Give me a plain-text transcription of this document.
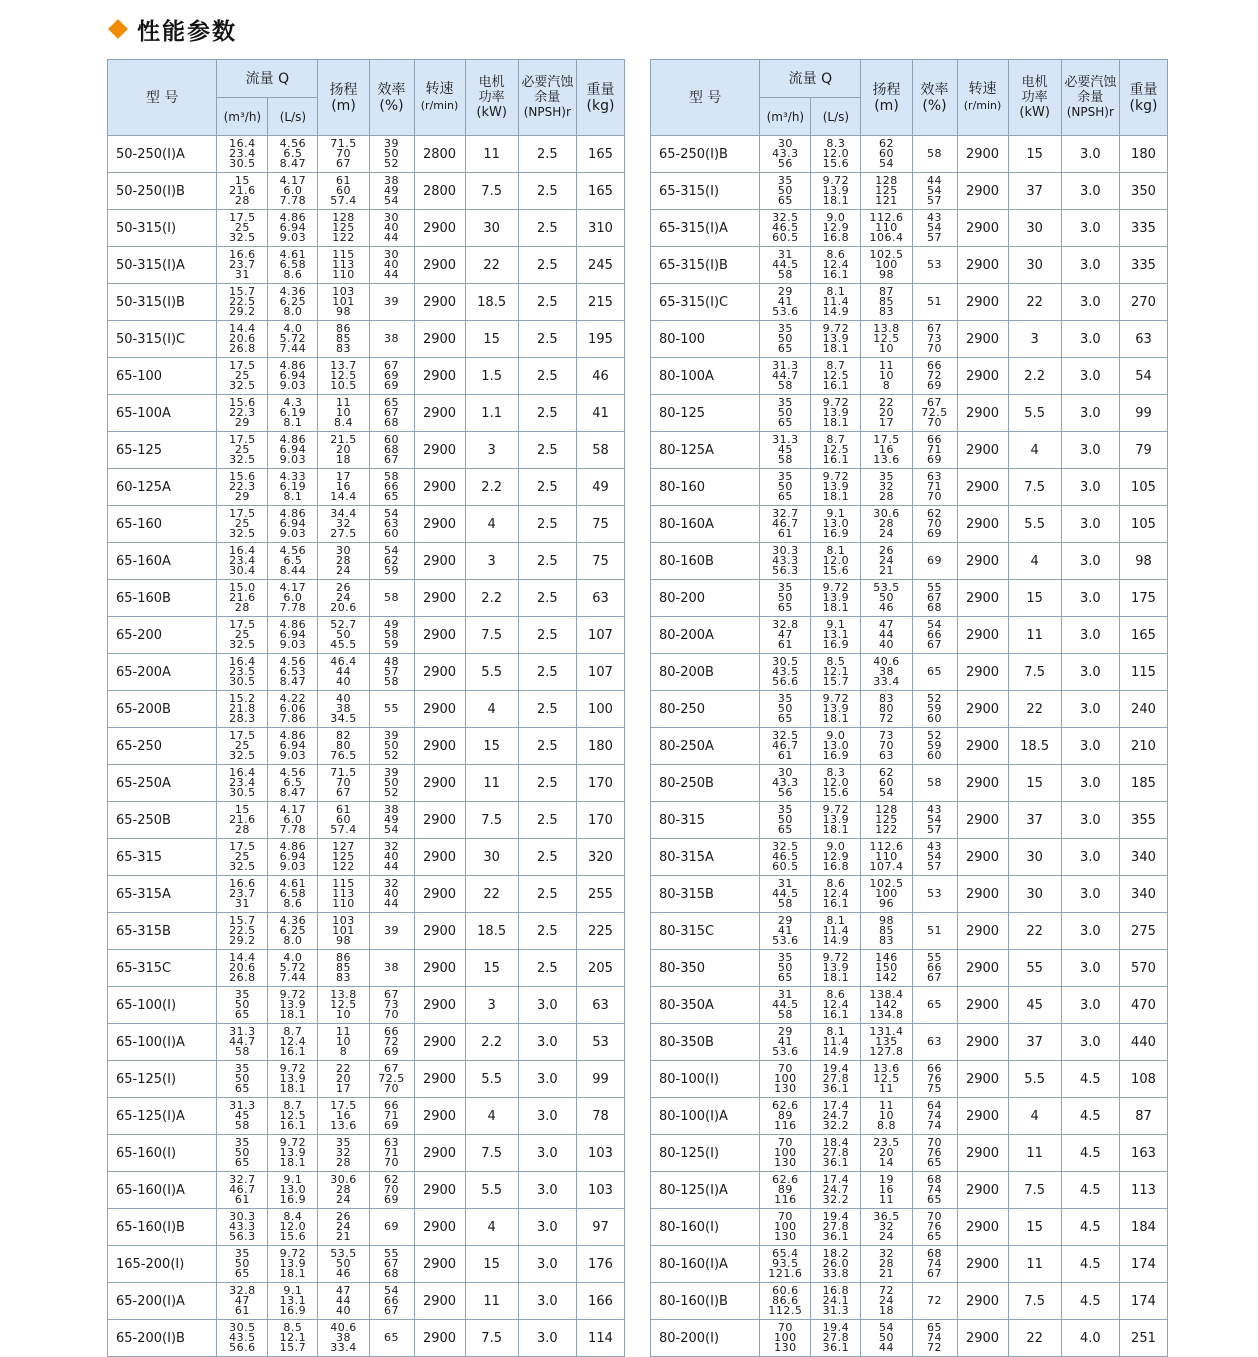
性能参数
型 号	流量 Q		扬程
(m)	效率
(%)	转速
(r/min)	电机功率
(kW)	必要汽蚀余量
(NPSH)r	重量
(kg)
	(m³/h)	(L/s)						
50-250(I)A	16.4
23.4
30.5	4.56
6.5
8.47	71.5
70
67	39
50
52	2800	11	2.5	165
50-250(I)B	15
21.6
28	4.17
6.0
7.78	61
60
57.4	38
49
54	2800	7.5	2.5	165
50-315(I)	17.5
25
32.5	4.86
6.94
9.03	128
125
122	30
40
44	2900	30	2.5	310
50-315(I)A	16.6
23.7
31	4.61
6.58
8.6	115
113
110	30
40
44	2900	22	2.5	245
50-315(I)B	15.7
22.5
29.2	4.36
6.25
8.0	103
101
98	39	2900	18.5	2.5	215
50-315(I)C	14.4
20.6
26.8	4.0
5.72
7.44	86
85
83	38	2900	15	2.5	195
65-100	17.5
25
32.5	4.86
6.94
9.03	13.7
12.5
10.5	67
69
69	2900	1.5	2.5	46
65-100A	15.6
22.3
29	4.3
6.19
8.1	11
10
8.4	65
67
68	2900	1.1	2.5	41
65-125	17.5
25
32.5	4.86
6.94
9.03	21.5
20
18	60
68
67	2900	3	2.5	58
60-125A	15.6
22.3
29	4.33
6.19
8.1	17
16
14.4	58
66
65	2900	2.2	2.5	49
65-160	17.5
25
32.5	4.86
6.94
9.03	34.4
32
27.5	54
63
60	2900	4	2.5	75
65-160A	16.4
23.4
30.4	4.56
6.5
8.44	30
28
24	54
62
59	2900	3	2.5	75
65-160B	15.0
21.6
28	4.17
6.0
7.78	26
24
20.6	58	2900	2.2	2.5	63
65-200	17.5
25
32.5	4.86
6.94
9.03	52.7
50
45.5	49
58
59	2900	7.5	2.5	107
65-200A	16.4
23.5
30.5	4.56
6.53
8.47	46.4
44
40	48
57
58	2900	5.5	2.5	107
65-200B	15.2
21.8
28.3	4.22
6.06
7.86	40
38
34.5	55	2900	4	2.5	100
65-250	17.5
25
32.5	4.86
6.94
9.03	82
80
76.5	39
50
52	2900	15	2.5	180
65-250A	16.4
23.4
30.5	4.56
6.5
8.47	71.5
70
67	39
50
52	2900	11	2.5	170
65-250B	15
21.6
28	4.17
6.0
7.78	61
60
57.4	38
49
54	2900	7.5	2.5	170
65-315	17.5
25
32.5	4.86
6.94
9.03	127
125
122	32
40
44	2900	30	2.5	320
65-315A	16.6
23.7
31	4.61
6.58
8.6	115
113
110	32
40
44	2900	22	2.5	255
65-315B	15.7
22.5
29.2	4.36
6.25
8.0	103
101
98	39	2900	18.5	2.5	225
65-315C	14.4
20.6
26.8	4.0
5.72
7.44	86
85
83	38	2900	15	2.5	205
65-100(I)	35
50
65	9.72
13.9
18.1	13.8
12.5
10	67
73
70	2900	3	3.0	63
65-100(I)A	31.3
44.7
58	8.7
12.4
16.1	11
10
8	66
72
69	2900	2.2	3.0	53
65-125(I)	35
50
65	9.72
13.9
18.1	22
20
17	67
72.5
70	2900	5.5	3.0	99
65-125(I)A	31.3
45
58	8.7
12.5
16.1	17.5
16
13.6	66
71
69	2900	4	3.0	78
65-160(I)	35
50
65	9.72
13.9
18.1	35
32
28	63
71
70	2900	7.5	3.0	103
65-160(I)A	32.7
46.7
61	9.1
13.0
16.9	30.6
28
24	62
70
69	2900	5.5	3.0	103
65-160(I)B	30.3
43.3
56.3	8.4
12.0
15.6	26
24
21	69	2900	4	3.0	97
165-200(I)	35
50
65	9.72
13.9
18.1	53.5
50
46	55
67
68	2900	15	3.0	176
65-200(I)A	32.8
47
61	9.1
13.1
16.9	47
44
40	54
66
67	2900	11	3.0	166
65-200(I)B	30.5
43.5
56.6	8.5
12.1
15.7	40.6
38
33.4	65	2900	7.5	3.0	114
型 号	流量 Q		扬程
(m)	效率
(%)	转速
(r/min)	电机功率
(kW)	必要汽蚀余量
(NPSH)r	重量
(kg)
	(m³/h)	(L/s)						
65-250(I)B	30
43.3
56	8.3
12.0
15.6	62
60
54	58	2900	15	3.0	180
65-315(I)	35
50
65	9.72
13.9
18.1	128
125
121	44
54
57	2900	37	3.0	350
65-315(I)A	32.5
46.5
60.5	9.0
12.9
16.8	112.6
110
106.4	43
54
57	2900	30	3.0	335
65-315(I)B	31
44.5
58	8.6
12.4
16.1	102.5
100
98	53	2900	30	3.0	335
65-315(I)C	29
41
53.6	8.1
11.4
14.9	87
85
83	51	2900	22	3.0	270
80-100	35
50
65	9.72
13.9
18.1	13.8
12.5
10	67
73
70	2900	3	3.0	63
80-100A	31.3
44.7
58	8.7
12.5
16.1	11
10
8	66
72
69	2900	2.2	3.0	54
80-125	35
50
65	9.72
13.9
18.1	22
20
17	67
72.5
70	2900	5.5	3.0	99
80-125A	31.3
45
58	8.7
12.5
16.1	17.5
16
13.6	66
71
69	2900	4	3.0	79
80-160	35
50
65	9.72
13.9
18.1	35
32
28	63
71
70	2900	7.5	3.0	105
80-160A	32.7
46.7
61	9.1
13.0
16.9	30.6
28
24	62
70
69	2900	5.5	3.0	105
80-160B	30.3
43.3
56.3	8.1
12.0
15.6	26
24
21	69	2900	4	3.0	98
80-200	35
50
65	9.72
13.9
18.1	53.5
50
46	55
67
68	2900	15	3.0	175
80-200A	32.8
47
61	9.1
13.1
16.9	47
44
40	54
66
67	2900	11	3.0	165
80-200B	30.5
43.5
56.6	8.5
12.1
15.7	40.6
38
33.4	65	2900	7.5	3.0	115
80-250	35
50
65	9.72
13.9
18.1	83
80
72	52
59
60	2900	22	3.0	240
80-250A	32.5
46.7
61	9.0
13.0
16.9	73
70
63	52
59
60	2900	18.5	3.0	210
80-250B	30
43.3
56	8.3
12.0
15.6	62
60
54	58	2900	15	3.0	185
80-315	35
50
65	9.72
13.9
18.1	128
125
122	43
54
57	2900	37	3.0	355
80-315A	32.5
46.5
60.5	9.0
12.9
16.8	112.6
110
107.4	43
54
57	2900	30	3.0	340
80-315B	31
44.5
58	8.6
12.4
16.1	102.5
100
96	53	2900	30	3.0	340
80-315C	29
41
53.6	8.1
11.4
14.9	98
85
83	51	2900	22	3.0	275
80-350	35
50
65	9.72
13.9
18.1	146
150
142	55
66
67	2900	55	3.0	570
80-350A	31
44.5
58	8.6
12.4
16.1	138.4
142
134.8	65	2900	45	3.0	470
80-350B	29
41
53.6	8.1
11.4
14.9	131.4
135
127.8	63	2900	37	3.0	440
80-100(I)	70
100
130	19.4
27.8
36.1	13.6
12.5
11	66
76
75	2900	5.5	4.5	108
80-100(I)A	62.6
89
116	17.4
24.7
32.2	11
10
8.8	64
74
74	2900	4	4.5	87
80-125(I)	70
100
130	18.4
27.8
36.1	23.5
20
14	70
76
65	2900	11	4.5	163
80-125(I)A	62.6
89
116	17.4
24.7
32.2	19
16
11	68
74
65	2900	7.5	4.5	113
80-160(I)	70
100
130	19.4
27.8
36.1	36.5
32
24	70
76
65	2900	15	4.5	184
80-160(I)A	65.4
93.5
121.6	18.2
26.0
33.8	32
28
21	68
74
67	2900	11	4.5	174
80-160(I)B	60.6
86.6
112.5	16.8
24.1
31.3	72
24
18	72	2900	7.5	4.5	174
80-200(I)	70
100
130	19.4
27.8
36.1	54
50
44	65
74
72	2900	22	4.0	251
